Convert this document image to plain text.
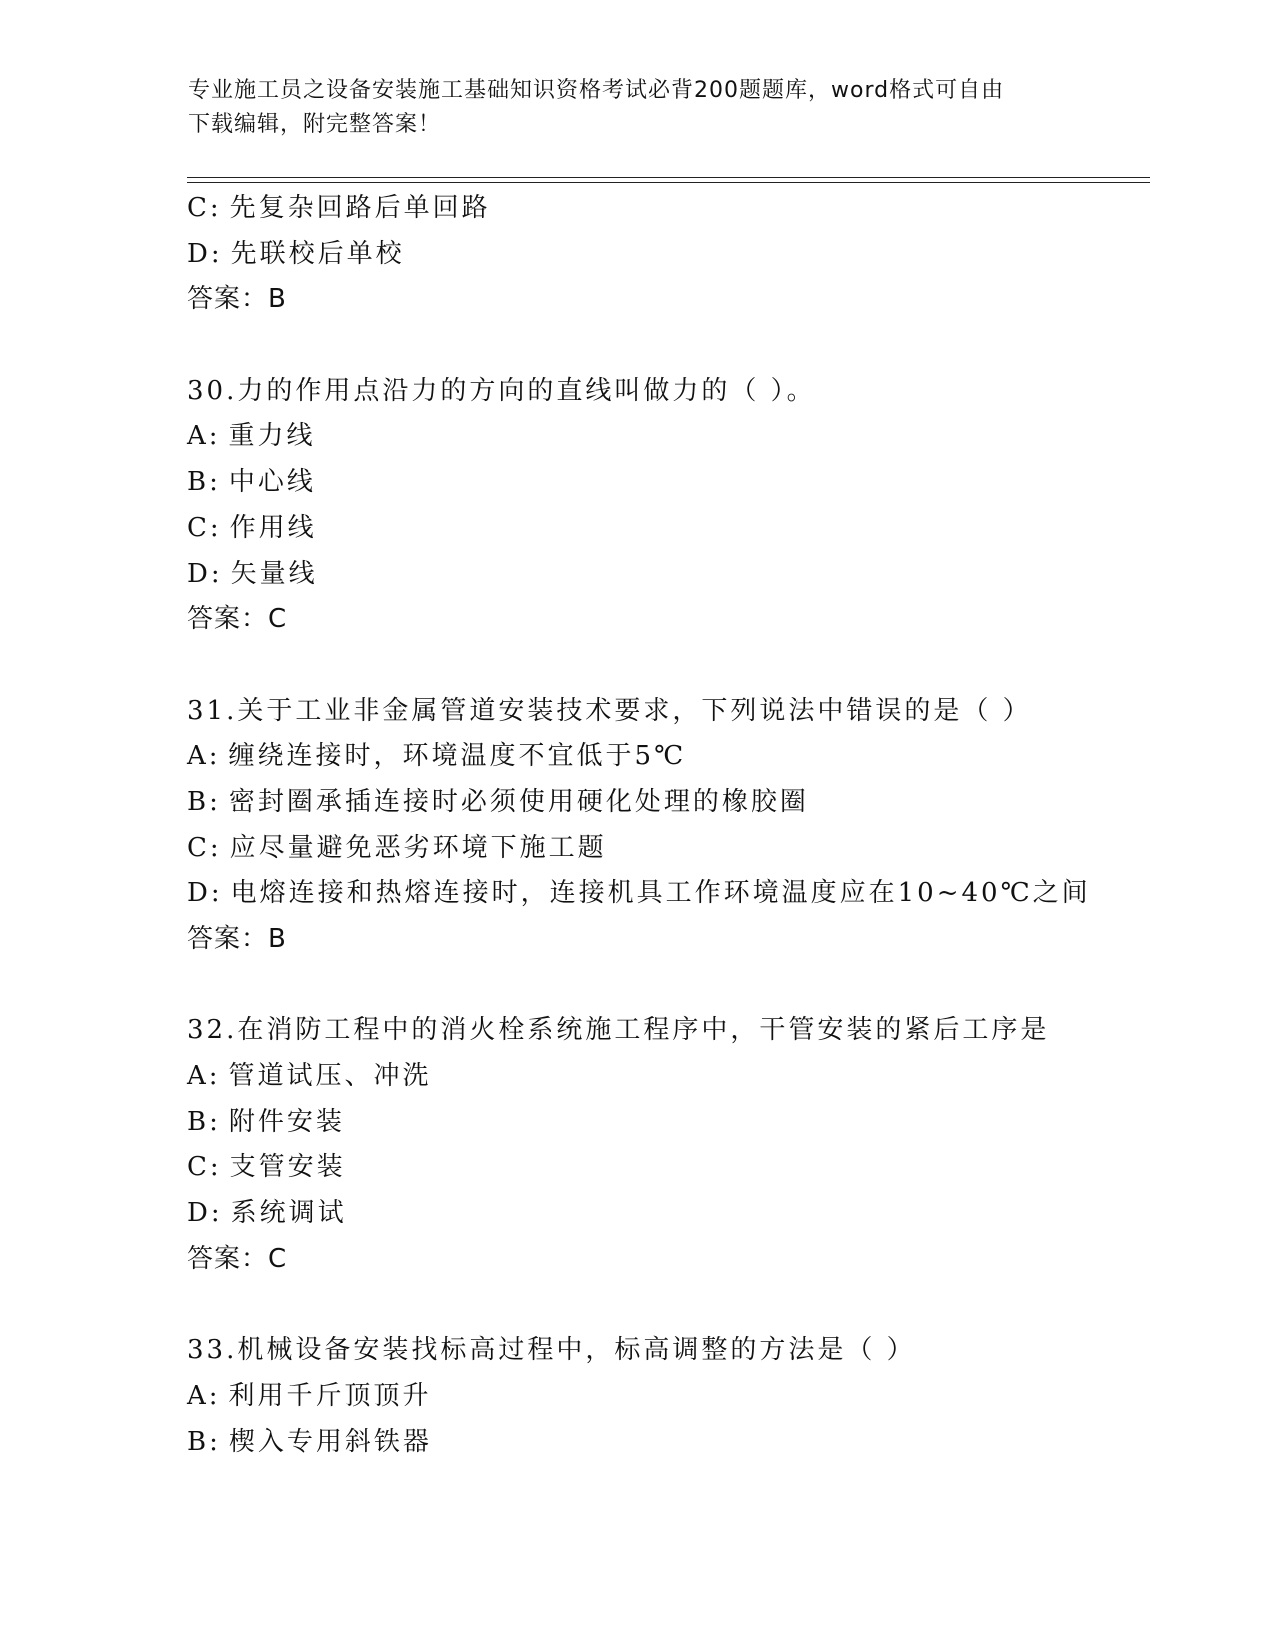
专业施工员之设备安装施工基础知识资格考试必背200题题库，word格式可自由
下载编辑，附完整答案！
C: 先复杂回路后单回路
D: 先联校后单校
答案：B
30.力的作用点沿力的方向的直线叫做力的（ ）。
A: 重力线
B: 中心线
C: 作用线
D: 矢量线
答案：C
31.关于工业非金属管道安装技术要求，下列说法中错误的是（ ）
A: 缠绕连接时，环境温度不宜低于5℃
B: 密封圈承插连接时必须使用硬化处理的橡胶圈
C: 应尽量避免恶劣环境下施工题
D: 电熔连接和热熔连接时，连接机具工作环境温度应在10~40℃之间
答案：B
32.在消防工程中的消火栓系统施工程序中，干管安装的紧后工序是
A: 管道试压、冲洗
B: 附件安装
C: 支管安装
D: 系统调试
答案：C
33.机械设备安装找标高过程中，标高调整的方法是（ ）
A: 利用千斤顶顶升
B: 楔入专用斜铁器
